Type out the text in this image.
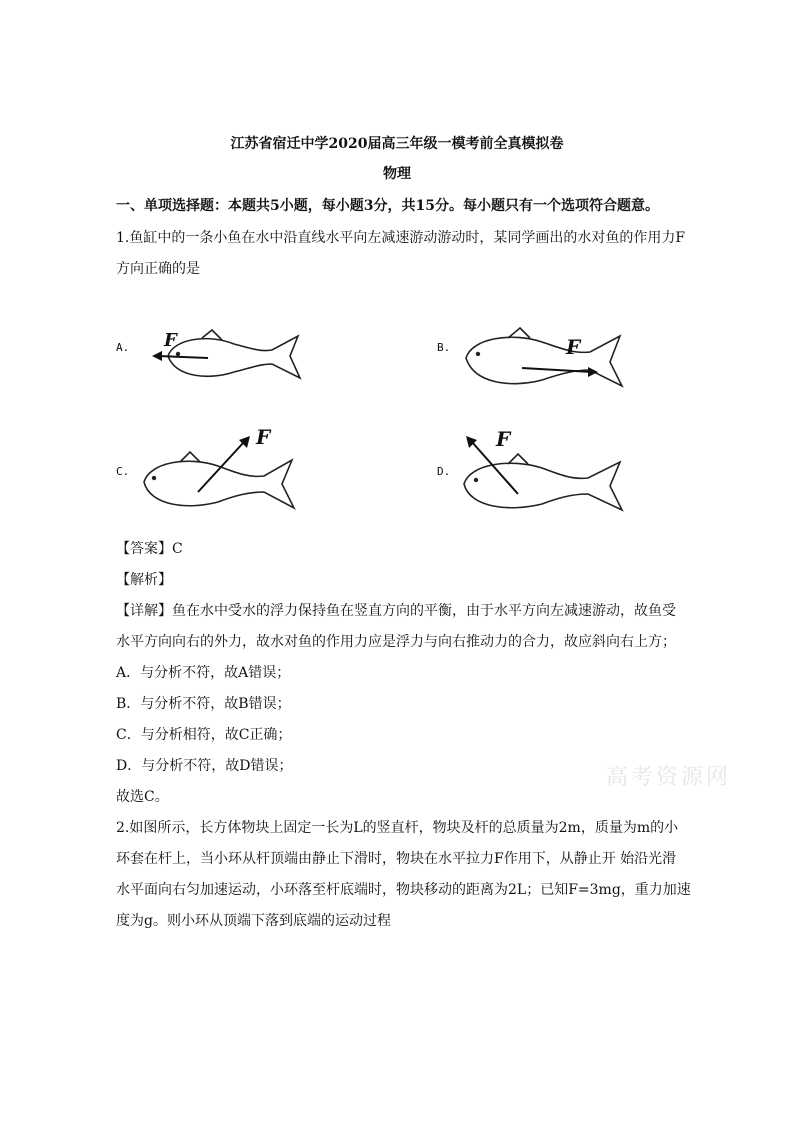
江苏省宿迁中学2020届高三年级一模考前全真模拟卷
物理
一、单项选择题：本题共5小题，每小题3分，共15分。每小题只有一个选项符合题意。
1.鱼缸中的一条小鱼在水中沿直线水平向左减速游动游动时，某同学画出的水对鱼的作用力F
方向正确的是
A. F	B.	F
C.
F
D.
F
【答案】C
【解析】
【详解】鱼在水中受水的浮力保持鱼在竖直方向的平衡，由于水平方向左减速游动，故鱼受
水平方向向右的外力，故水对鱼的作用力应是浮力与向右推动力的合力，故应斜向右上方；
A．与分析不符，故A错误；
B．与分析不符，故B错误；
C．与分析相符，故C正确；
D．与分析不符，故D错误；
故选C。
2.如图所示，长方体物块上固定一长为L的竖直杆，物块及杆的总质量为2m，质量为m的小
环套在杆上，当小环从杆顶端由静止下滑时，物块在水平拉力F作用下，从静止开 始沿光滑
水平面向右匀加速运动，小环落至杆底端时，物块移动的距离为2L；已知F=3mg，重力加速
度为g。则小环从顶端下落到底端的运动过程
高考资源网
